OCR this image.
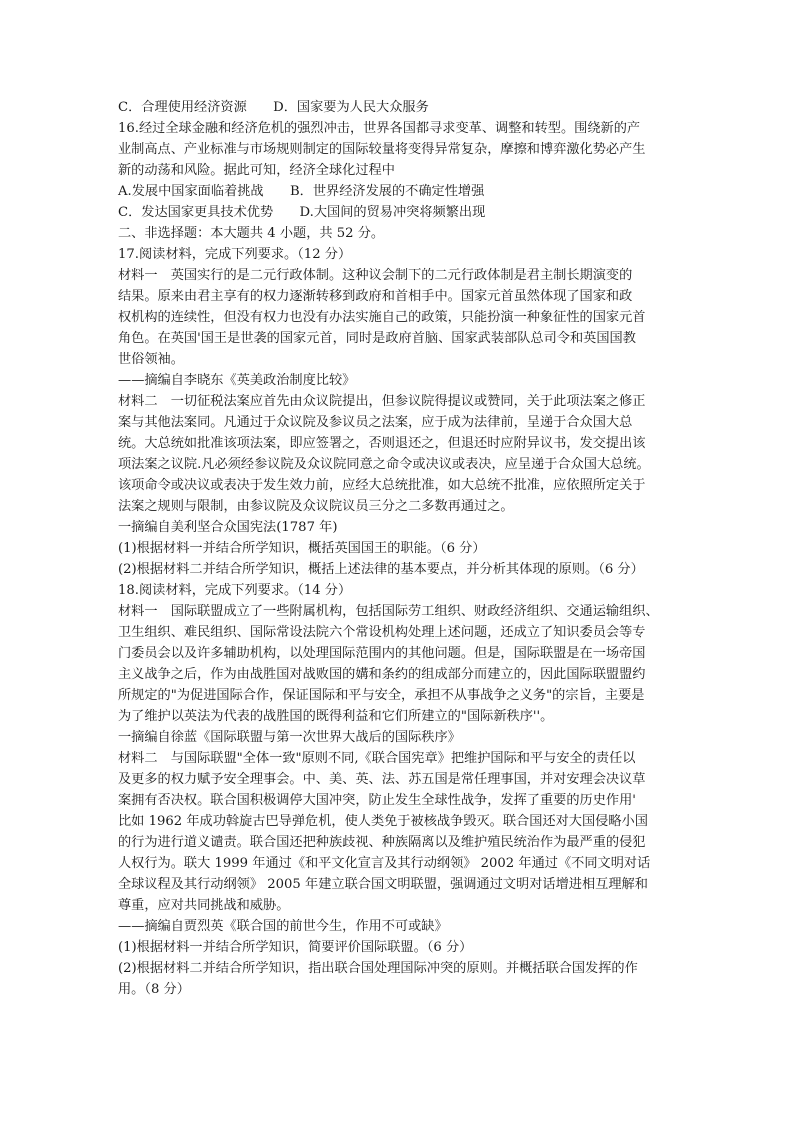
C．合理使用经济资源　　D．国家要为人民大众服务
16.经过全球金融和经济危机的强烈冲击，世界各国都寻求变革、调整和转型。围绕新的产
业制高点、产业标准与市场规则制定的国际较量将变得异常复杂，摩擦和博弈激化势必产生
新的动荡和风险。据此可知，经济全球化过程中
A.发展中国家面临着挑战　　B．世界经济发展的不确定性增强
C．发达国家更具技术优势　　D.大国间的贸易冲突将频繁出现
二、非选择题：本大题共 4 小题，共 52 分。
17.阅读材料，完成下列要求。（12 分）
材料一　英国实行的是二元行政体制。这种议会制下的二元行政体制是君主制长期演变的
结果。原来由君主享有的权力逐渐转移到政府和首相手中。国家元首虽然体现了国家和政
权机构的连续性，但没有权力也没有办法实施自己的政策，只能扮演一种象征性的国家元首
角色。在英国'国王是世袭的国家元首，同时是政府首脑、国家武装部队总司令和英国国教
世俗领袖。
——摘编自李晓东《英美政治制度比较》
材料二　一切征税法案应首先由众议院提出，但参议院得提议或赞同，关于此项法案之修正
案与其他法案同。凡通过于众议院及参议员之法案，应于成为法律前，呈递于合众国大总
统。大总统如批准该项法案，即应签署之，否则退还之，但退还时应附异议书，发交提出该
项法案之议院.凡必须经参议院及众议院同意之命令或决议或表决，应呈递于合众国大总统。
该项命令或决议或表决于发生效力前，应经大总统批准，如大总统不批准，应依照所定关于
法案之规则与限制，由参议院及众议院议员三分之二多数再通过之。
一摘编自美利坚合众国宪法(1787 年)
(1)根据材料一并结合所学知识，概括英国国王的职能。（6 分）
(2)根据材料二并结合所学知识，概括上述法律的基本要点，并分析其体现的原则。（6 分）
18.阅读材料，完成下列要求。（14 分）
材料一　国际联盟成立了一些附属机构，包括国际劳工组织、财政经济组织、交通运输组织、
卫生组织、难民组织、国际常设法院六个常设机构处理上述问题，还成立了知识委员会等专
门委员会以及许多辅助机构，以处理国际范围内的其他问题。但是，国际联盟是在一场帝国
主义战争之后，作为由战胜国对战败国的媾和条约的组成部分而建立的，因此国际联盟盟约
所规定的"为促进国际合作，保证国际和平与安全，承担不从事战争之义务"的宗旨，主要是
为了维护以英法为代表的战胜国的既得利益和它们所建立的"国际新秩序''。
一摘编自徐蓝《国际联盟与第一次世界大战后的国际秩序》
材料二　与国际联盟"全体一致"原则不同,《联合国宪章》把维护国际和平与安全的责任以
及更多的权力赋予安全理事会。中、美、英、法、苏五国是常任理事国，并对安理会决议草
案拥有否决权。联合国积极调停大国冲突，防止发生全球性战争，发挥了重要的历史作用'
比如 1962 年成功斡旋古巴导弹危机，使人类免于被核战争毁灭。联合国还对大国侵略小国
的行为进行道义谴责。联合国还把种族歧视、种族隔离以及维护殖民统治作为最严重的侵犯
人权行为。联大 1999 年通过《和平文化宣言及其行动纲领》 2002 年通过《不同文明对话
全球议程及其行动纲领》 2005 年建立联合国文明联盟，强调通过文明对话增进相互理解和
尊重，应对共同挑战和威胁。
——摘编自贾烈英《联合国的前世今生，作用不可或缺》
(1)根据材料一并结合所学知识，简要评价国际联盟。（6 分）
(2)根据材料二并结合所学知识，指出联合国处理国际冲突的原则。并概括联合国发挥的作
用。（8 分）
